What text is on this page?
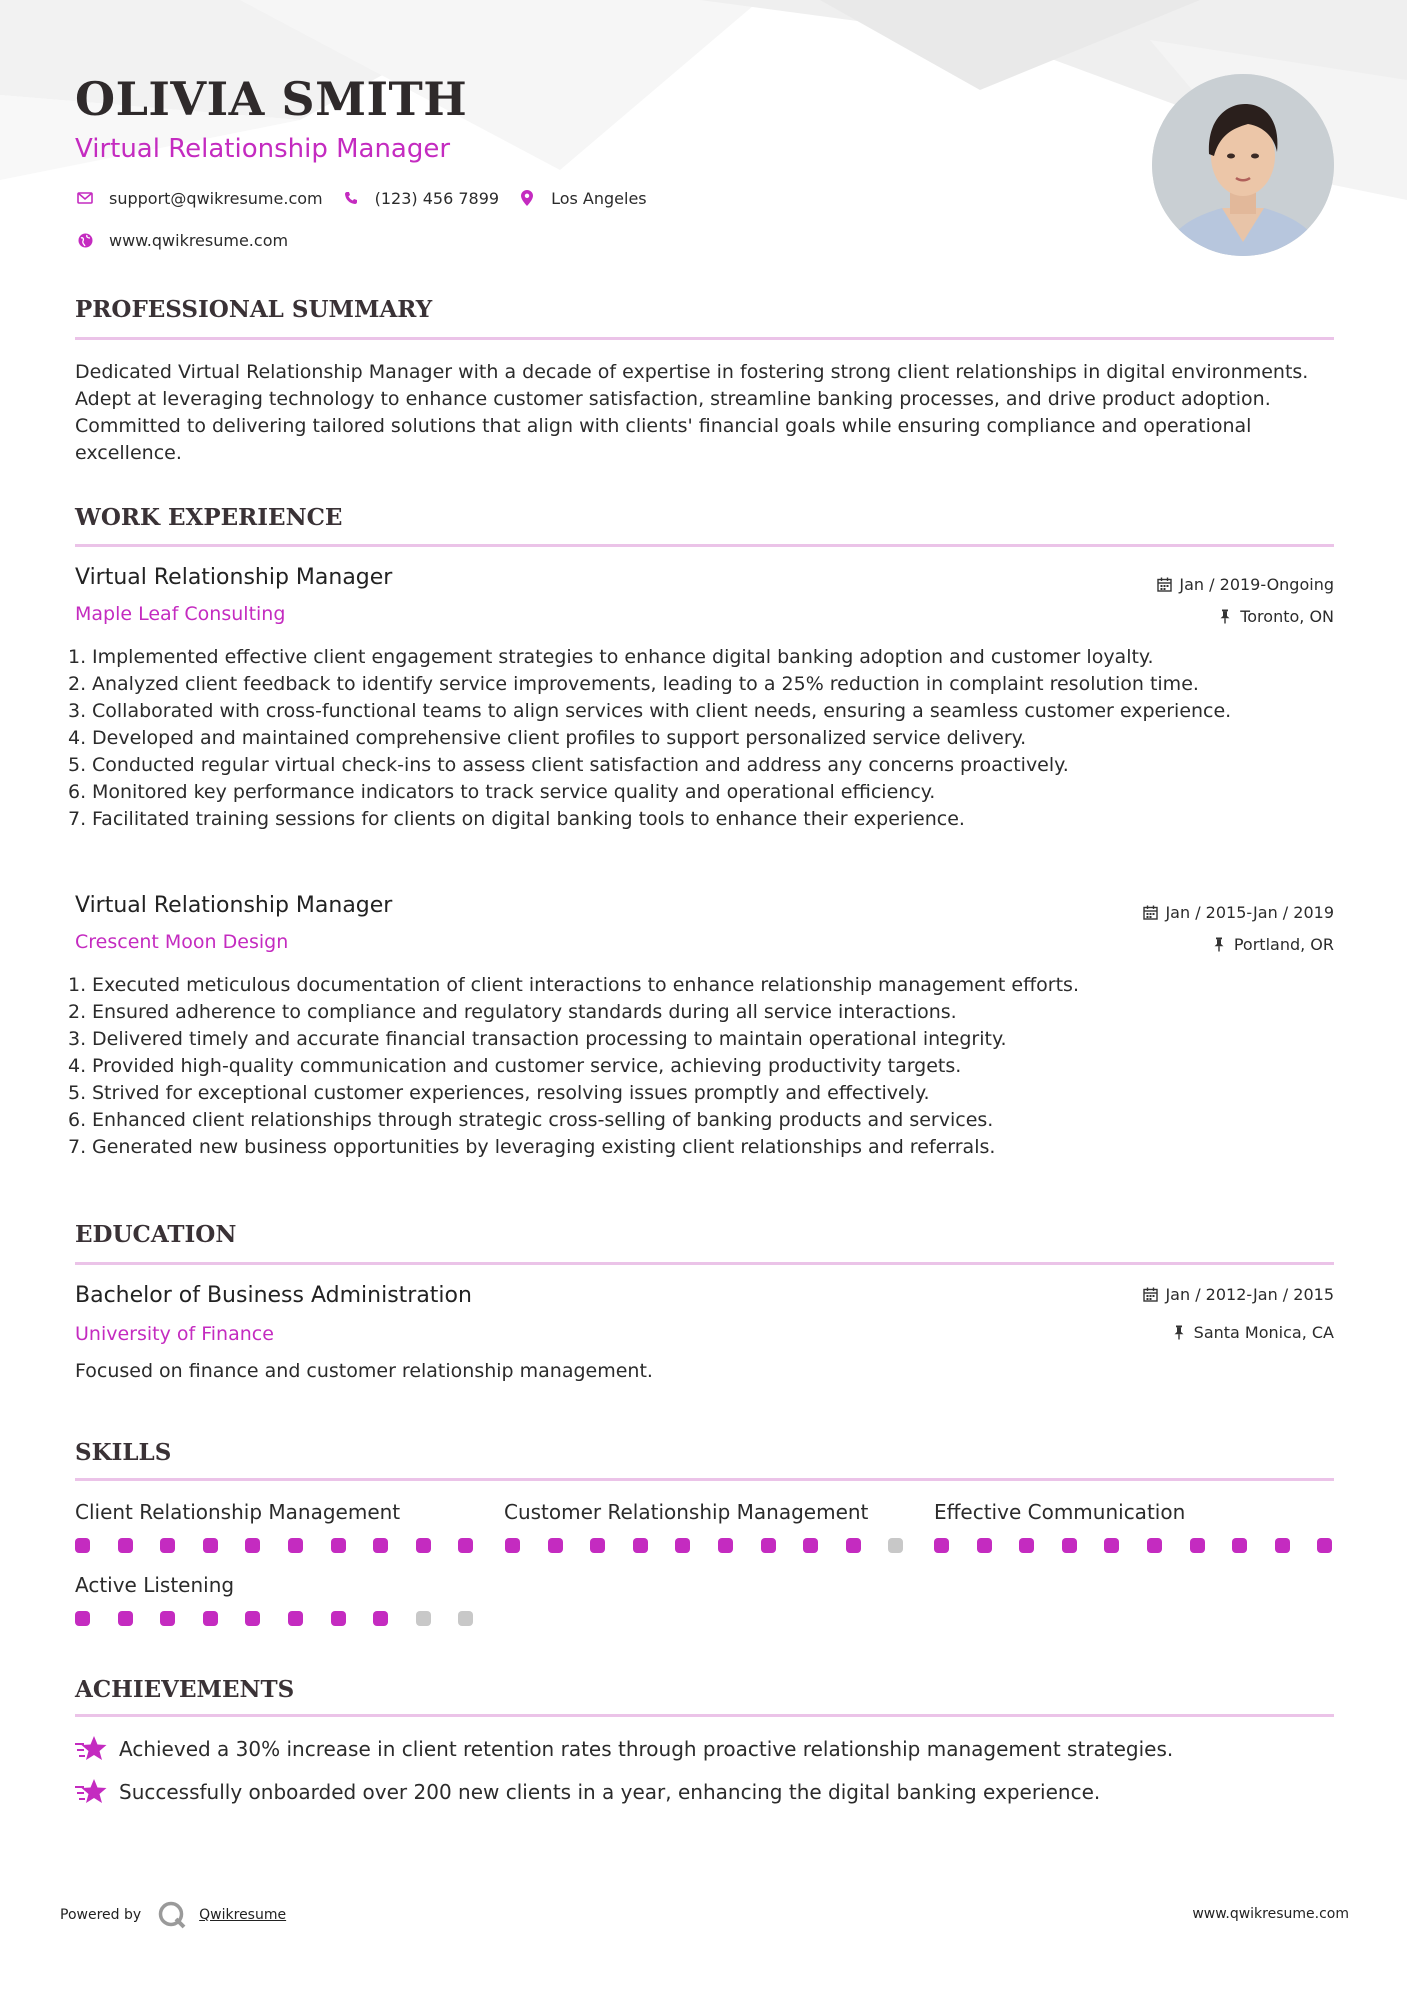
OLIVIA SMITH
Virtual Relationship Manager
support@qwikresume.com	(123) 456 7899	Los Angeles
www.qwikresume.com
PROFESSIONAL SUMMARY
Dedicated Virtual Relationship Manager with a decade of expertise in fostering strong client relationships in digital environments. Adept at leveraging technology to enhance customer satisfaction, streamline banking processes, and drive product adoption. Committed to delivering tailored solutions that align with clients' financial goals while ensuring compliance and operational excellence.
WORK EXPERIENCE
Virtual Relationship Manager	Jan / 2019-Ongoing
Maple Leaf Consulting	Toronto, ON
1. Implemented effective client engagement strategies to enhance digital banking adoption and customer loyalty.
2. Analyzed client feedback to identify service improvements, leading to a 25% reduction in complaint resolution time.
3. Collaborated with cross-functional teams to align services with client needs, ensuring a seamless customer experience.
4. Developed and maintained comprehensive client profiles to support personalized service delivery.
5. Conducted regular virtual check-ins to assess client satisfaction and address any concerns proactively.
6. Monitored key performance indicators to track service quality and operational efficiency.
7. Facilitated training sessions for clients on digital banking tools to enhance their experience.
Virtual Relationship Manager	Jan / 2015-Jan / 2019
Crescent Moon Design	Portland, OR
1. Executed meticulous documentation of client interactions to enhance relationship management efforts.
2. Ensured adherence to compliance and regulatory standards during all service interactions.
3. Delivered timely and accurate financial transaction processing to maintain operational integrity.
4. Provided high-quality communication and customer service, achieving productivity targets.
5. Strived for exceptional customer experiences, resolving issues promptly and effectively.
6. Enhanced client relationships through strategic cross-selling of banking products and services.
7. Generated new business opportunities by leveraging existing client relationships and referrals.
EDUCATION
Bachelor of Business Administration	Jan / 2012-Jan / 2015
University of Finance	Santa Monica, CA
Focused on finance and customer relationship management.
SKILLS
Client Relationship Management	Customer Relationship Management	Effective Communication
Active Listening
ACHIEVEMENTS
Achieved a 30% increase in client retention rates through proactive relationship management strategies.
Successfully onboarded over 200 new clients in a year, enhancing the digital banking experience.
Powered by	Qwikresume	www.qwikresume.com
